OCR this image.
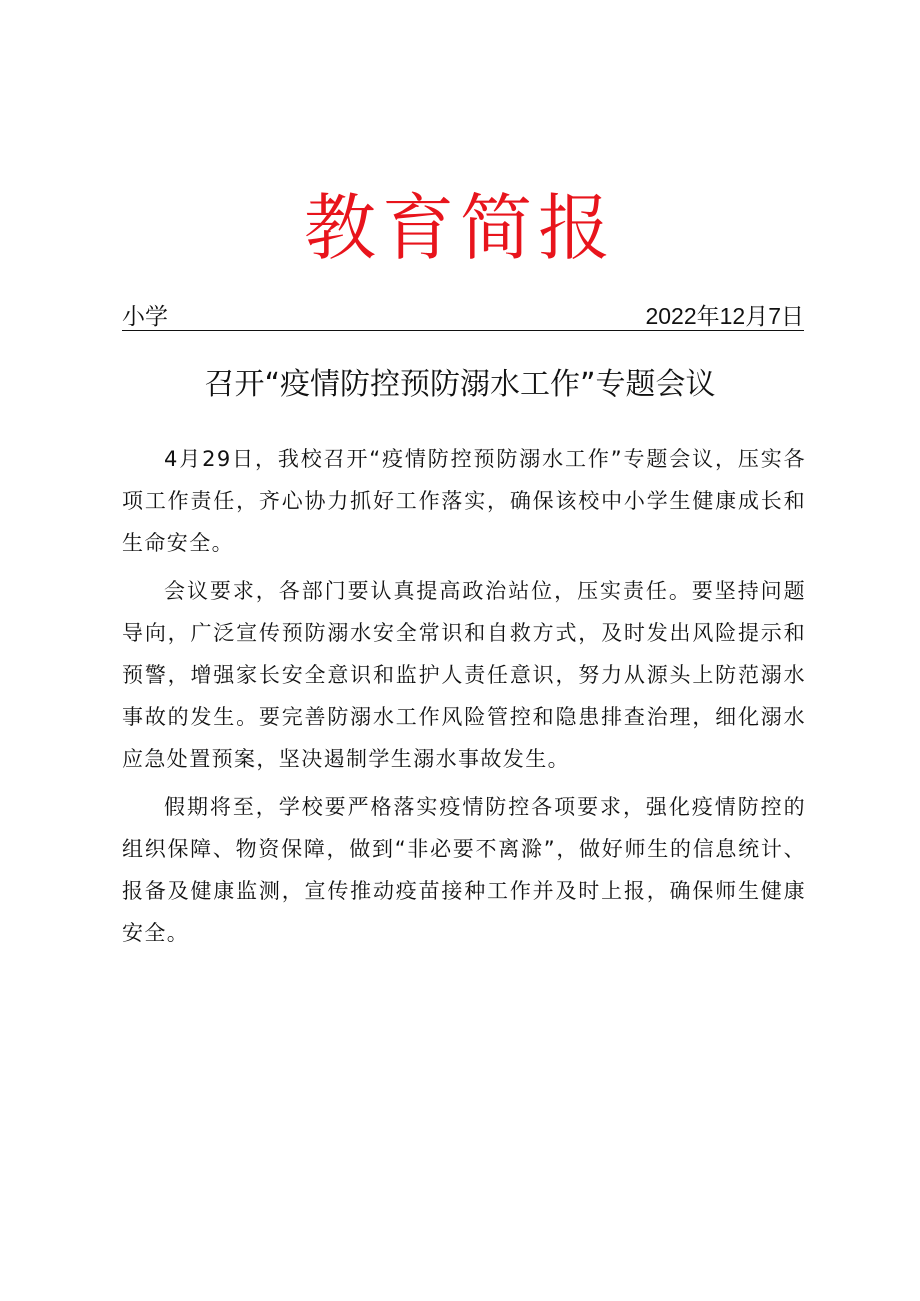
教育简报
小学	2022年12月7日
召开“疫情防控预防溺水工作”专题会议

4月29日，我校召开“疫情防控预防溺水工作”专题会议，压实各项工作责任，齐心协力抓好工作落实，确保该校中小学生健康成长和生命安全。

会议要求，各部门要认真提高政治站位，压实责任。要坚持问题导向，广泛宣传预防溺水安全常识和自救方式，及时发出风险提示和预警，增强家长安全意识和监护人责任意识，努力从源头上防范溺水事故的发生。要完善防溺水工作风险管控和隐患排查治理，细化溺水应急处置预案，坚决遏制学生溺水事故发生。

假期将至，学校要严格落实疫情防控各项要求，强化疫情防控的组织保障、物资保障，做到“非必要不离滁”，做好师生的信息统计、报备及健康监测，宣传推动疫苗接种工作并及时上报，确保师生健康安全。
